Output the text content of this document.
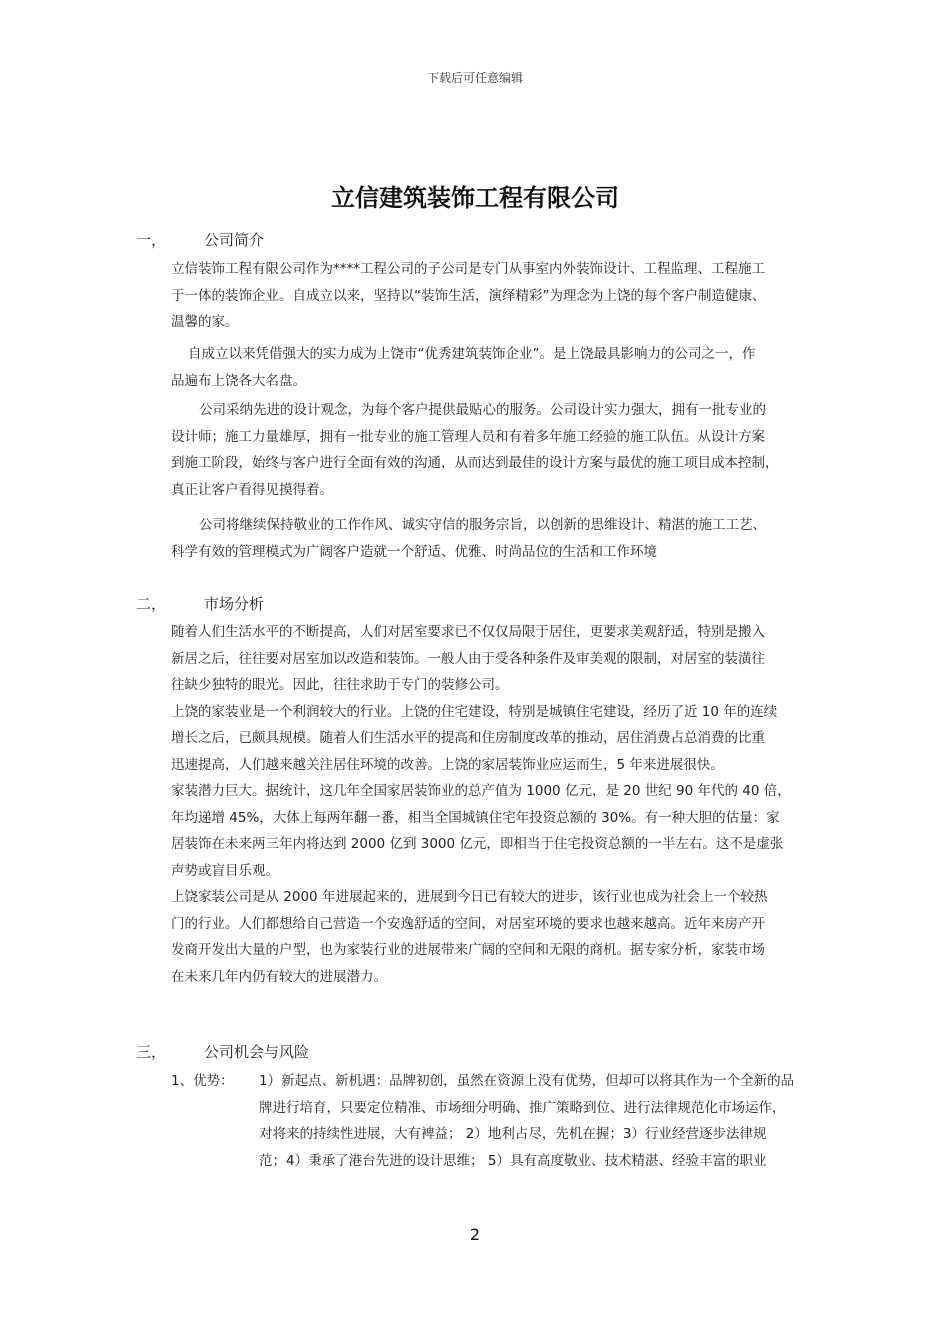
下载后可任意编辑
立信建筑装饰工程有限公司
一，	公司简介
立信装饰工程有限公司作为****工程公司的子公司是专门从事室内外装饰设计、工程监理、工程施工
于一体的装饰企业。自成立以来，坚持以“装饰生活，演绎精彩”为理念为上饶的每个客户制造健康、
温馨的家。
自成立以来凭借强大的实力成为上饶市“优秀建筑装饰企业”。是上饶最具影响力的公司之一，作
品遍布上饶各大名盘。
公司采纳先进的设计观念，为每个客户提供最贴心的服务。公司设计实力强大，拥有一批专业的
设计师；施工力量雄厚，拥有一批专业的施工管理人员和有着多年施工经验的施工队伍。从设计方案
到施工阶段，始终与客户进行全面有效的沟通，从而达到最佳的设计方案与最优的施工项目成本控制，
真正让客户看得见摸得着。
公司将继续保持敬业的工作作风、诚实守信的服务宗旨，以创新的思维设计、精湛的施工工艺、
科学有效的管理模式为广阔客户造就一个舒适、优雅、时尚品位的生活和工作环境
二，	市场分析
随着人们生活水平的不断提高，人们对居室要求已不仅仅局限于居住，更要求美观舒适，特别是搬入
新居之后，往往要对居室加以改造和装饰。一般人由于受各种条件及审美观的限制，对居室的装潢往
往缺少独特的眼光。因此，往往求助于专门的装修公司。
上饶的家装业是一个利润较大的行业。上饶的住宅建设，特别是城镇住宅建设，经历了近 10 年的连续
增长之后，已颇具规模。随着人们生活水平的提高和住房制度改革的推动，居住消费占总消费的比重
迅速提高，人们越来越关注居住环境的改善。上饶的家居装饰业应运而生，5 年来进展很快。
家装潜力巨大。据统计，这几年全国家居装饰业的总产值为 1000 亿元，是 20 世纪 90 年代的 40 倍，
年均递增 45%，大体上每两年翻一番，相当全国城镇住宅年投资总额的 30%。有一种大胆的估量：家
居装饰在未来两三年内将达到 2000 亿到 3000 亿元，即相当于住宅投资总额的一半左右。这不是虚张
声势或盲目乐观。
上饶家装公司是从 2000 年进展起来的，进展到今日已有较大的进步，该行业也成为社会上一个较热
门的行业。人们都想给自己营造一个安逸舒适的空间，对居室环境的要求也越来越高。近年来房产开
发商开发出大量的户型，也为家装行业的进展带来广阔的空间和无限的商机。据专家分析，家装市场
在未来几年内仍有较大的进展潜力。
三，	公司机会与风险
1、优势： 1）新起点、新机遇：品牌初创，虽然在资源上没有优势，但却可以将其作为一个全新的品
牌进行培育，只要定位精准、市场细分明确、推广策略到位、进行法律规范化市场运作，
对将来的持续性进展，大有裨益； 2）地利占尽，先机在握；3）行业经营逐步法律规
范；4）秉承了港台先进的设计思维； 5）具有高度敬业、技术精湛、经验丰富的职业
2
